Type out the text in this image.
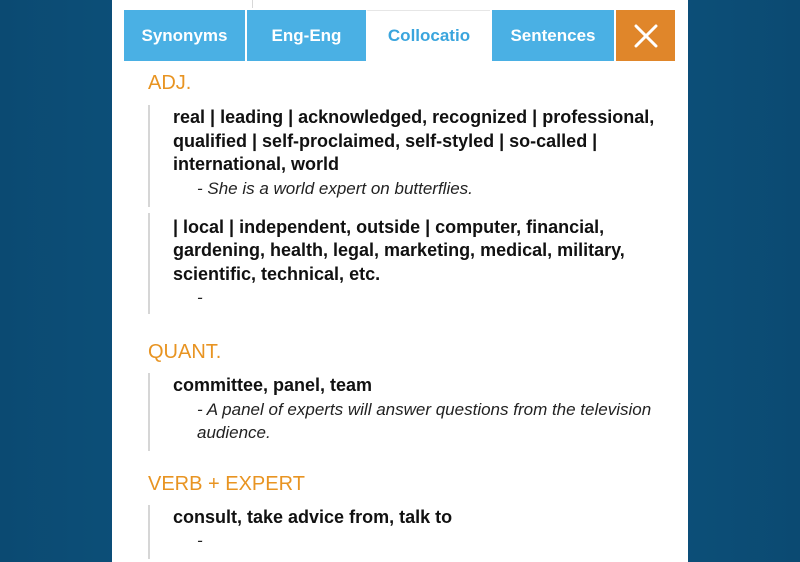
Synonyms	Eng-Eng	Collocatio	Sentences
ADJ.
real | leading | acknowledged, recognized | professional, qualified | self-proclaimed, self-styled | so-called | international, world
- She is a world expert on butterflies.
| local | independent, outside | computer, financial, gardening, health, legal, marketing, medical, military, scientific, technical, etc.
-
QUANT.
committee, panel, team
- A panel of experts will answer questions from the television audience.
VERB + EXPERT
consult, take advice from, talk to
-
